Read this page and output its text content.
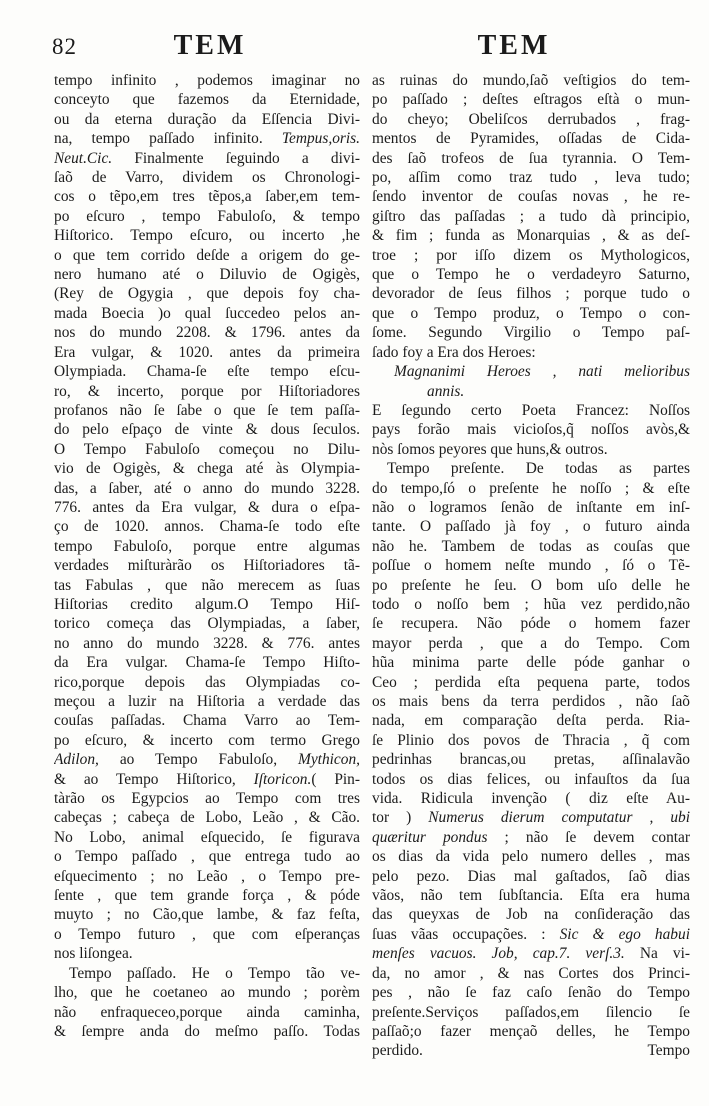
82	TEM	TEM
tempo infinito , podemos imaginar no
conceyto que fazemos da Eternidade,
ou da eterna duração da Eſſencia Divi-
na, tempo paſſado infinito. Tempus,oris.
Neut.Cic. Finalmente ſeguindo a divi-
ſaõ de Varro, dividem os Chronologi-
cos o tẽpo,em tres tẽpos,a ſaber,em tem-
po eſcuro , tempo Fabuloſo, & tempo
Hiſtorico. Tempo eſcuro, ou incerto ,he
o que tem corrido deſde a origem do ge-
nero humano até o Diluvio de Ogigès,
(Rey de Ogygia , que depois foy cha-
mada Boecia )o qual ſuccedeo pelos an-
nos do mundo 2208. & 1796. antes da
Era vulgar, & 1020. antes da primeira
Olympiada. Chama-ſe eſte tempo eſcu-
ro, & incerto, porque por Hiſtoriadores
profanos não ſe ſabe o que ſe tem paſſa-
do pelo eſpaço de vinte & dous ſeculos.
O Tempo Fabuloſo começou no Dilu-
vio de Ogigès, & chega até às Olympia-
das, a ſaber, até o anno do mundo 3228.
776. antes da Era vulgar, & dura o eſpa-
ço de 1020. annos. Chama-ſe todo eſte
tempo Fabuloſo, porque entre algumas
verdades miſturàrão os Hiſtoriadores tã-
tas Fabulas , que não merecem as ſuas
Hiſtorias credito algum.O Tempo Hiſ-
torico começa das Olympiadas, a ſaber,
no anno do mundo 3228. & 776. antes
da Era vulgar. Chama-ſe Tempo Hiſto-
rico,porque depois das Olympiadas co-
meçou a luzir na Hiſtoria a verdade das
couſas paſſadas. Chama Varro ao Tem-
po eſcuro, & incerto com termo Grego
Adilon, ao Tempo Fabuloſo, Mythicon,
& ao Tempo Hiſtorico, Iſtoricon.( Pin-
tàrão os Egypcios ao Tempo com tres
cabeças ; cabeça de Lobo, Leão , & Cão.
No Lobo, animal eſquecido, ſe figurava
o Tempo paſſado , que entrega tudo ao
eſquecimento ; no Leão , o Tempo pre-
ſente , que tem grande força , & póde
muyto ; no Cão,que lambe, & faz feſta,
o Tempo futuro , que com eſperanças
nos liſongea.
Tempo paſſado. He o Tempo tão ve-
lho, que he coetaneo ao mundo ; porèm
não enfraqueceo,porque ainda caminha,
& ſempre anda do meſmo paſſo. Todas
as ruinas do mundo,ſaõ veſtigios do tem-
po paſſado ; deſtes eſtragos eſtà o mun-
do cheyo; Obeliſcos derrubados , frag-
mentos de Pyramides, oſſadas de Cida-
des ſaõ trofeos de ſua tyrannia. O Tem-
po, aſſim como traz tudo , leva tudo;
ſendo inventor de couſas novas , he re-
giſtro das paſſadas ; a tudo dà principio,
& fim ; funda as Monarquias , & as deſ-
troe ; por iſſo dizem os Mythologicos,
que o Tempo he o verdadeyro Saturno,
devorador de ſeus filhos ; porque tudo o
que o Tempo produz, o Tempo o con-
ſome. Segundo Virgilio o Tempo paſ-
ſado foy a Era dos Heroes:
Magnanimi Heroes , nati melioribus
annis.
E ſegundo certo Poeta Francez: Noſſos
pays forão mais vicioſos,q̃ noſſos avòs,&
nòs ſomos peyores que huns,& outros.
Tempo preſente. De todas as partes
do tempo,ſó o preſente he noſſo ; & eſte
não o logramos ſenão de inſtante em inſ-
tante. O paſſado jà foy , o futuro ainda
não he. Tambem de todas as couſas que
poſſue o homem neſte mundo , ſó o Tẽ-
po preſente he ſeu. O bom uſo delle he
todo o noſſo bem ; hũa vez perdido,não
ſe recupera. Não póde o homem fazer
mayor perda , que a do Tempo. Com
hũa minima parte delle póde ganhar o
Ceo ; perdida eſta pequena parte, todos
os mais bens da terra perdidos , não ſaõ
nada, em comparação deſta perda. Ria-
ſe Plinio dos povos de Thracia , q̃ com
pedrinhas brancas,ou pretas, aſſinalavão
todos os dias felices, ou infauſtos da ſua
vida. Ridicula invenção ( diz eſte Au-
tor ) Numerus dierum computatur , ubi
quæritur pondus ; não ſe devem contar
os dias da vida pelo numero delles , mas
pelo pezo. Dias mal gaſtados, ſaõ dias
vãos, não tem ſubſtancia. Eſta era huma
das queyxas de Job na conſideração das
ſuas vãas occupações. : Sic & ego habui
menſes vacuos. Job, cap.7. verſ.3. Na vi-
da, no amor , & nas Cortes dos Princi-
pes , não ſe faz caſo ſenão do Tempo
preſente.Serviços paſſados,em ſilencio ſe
paſſaõ;o fazer mençaõ delles, he Tempo
perdido.	Tempo
